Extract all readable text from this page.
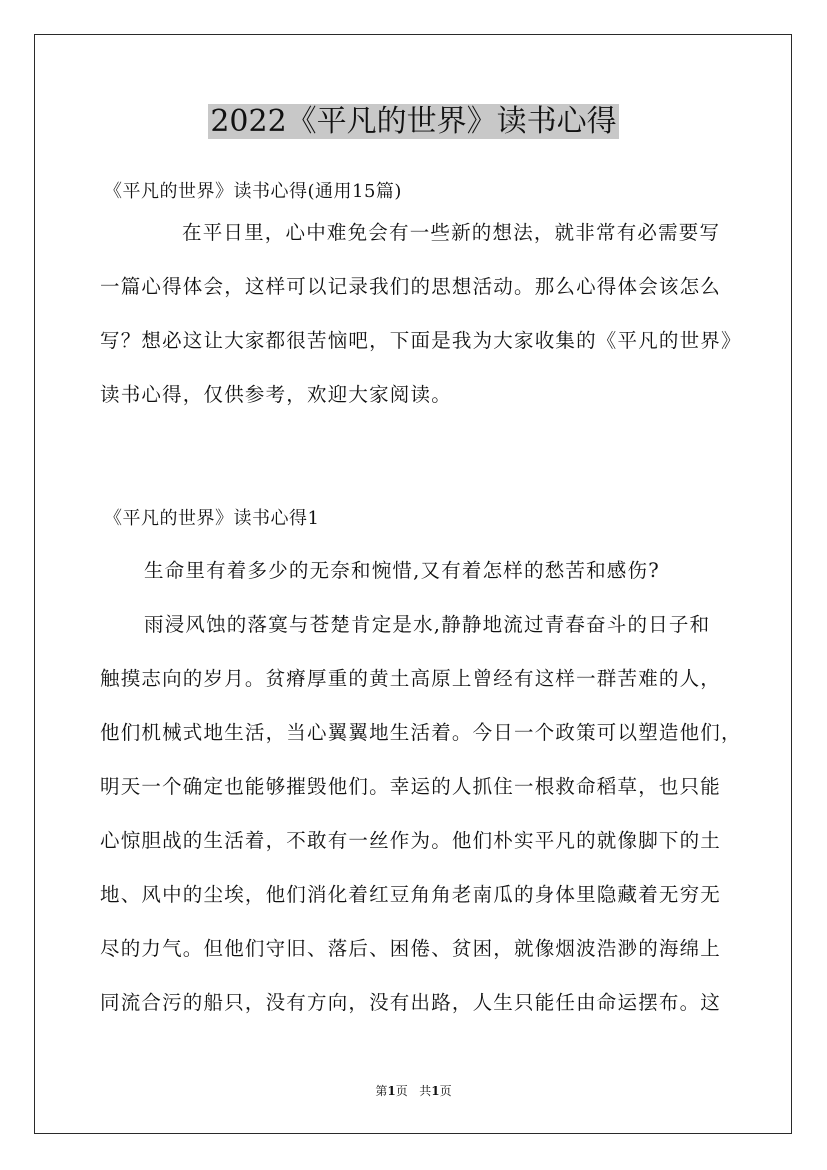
2022《平凡的世界》读书心得
《平凡的世界》读书心得(通用15篇)
在平日里，心中难免会有一些新的想法，就非常有必需要写
一篇心得体会，这样可以记录我们的思想活动。那么心得体会该怎么
写？想必这让大家都很苦恼吧，下面是我为大家收集的《平凡的世界》
读书心得，仅供参考，欢迎大家阅读。
《平凡的世界》读书心得1
生命里有着多少的无奈和惋惜,又有着怎样的愁苦和感伤?
雨浸风蚀的落寞与苍楚肯定是水,静静地流过青春奋斗的日子和
触摸志向的岁月。贫瘠厚重的黄土高原上曾经有这样一群苦难的人，
他们机械式地生活，当心翼翼地生活着。今日一个政策可以塑造他们，
明天一个确定也能够摧毁他们。幸运的人抓住一根救命稻草，也只能
心惊胆战的生活着，不敢有一丝作为。他们朴实平凡的就像脚下的土
地、风中的尘埃，他们消化着红豆角角老南瓜的身体里隐藏着无穷无
尽的力气。但他们守旧、落后、困倦、贫困，就像烟波浩渺的海绵上
同流合污的船只，没有方向，没有出路，人生只能任由命运摆布。这
第1页 共1页
